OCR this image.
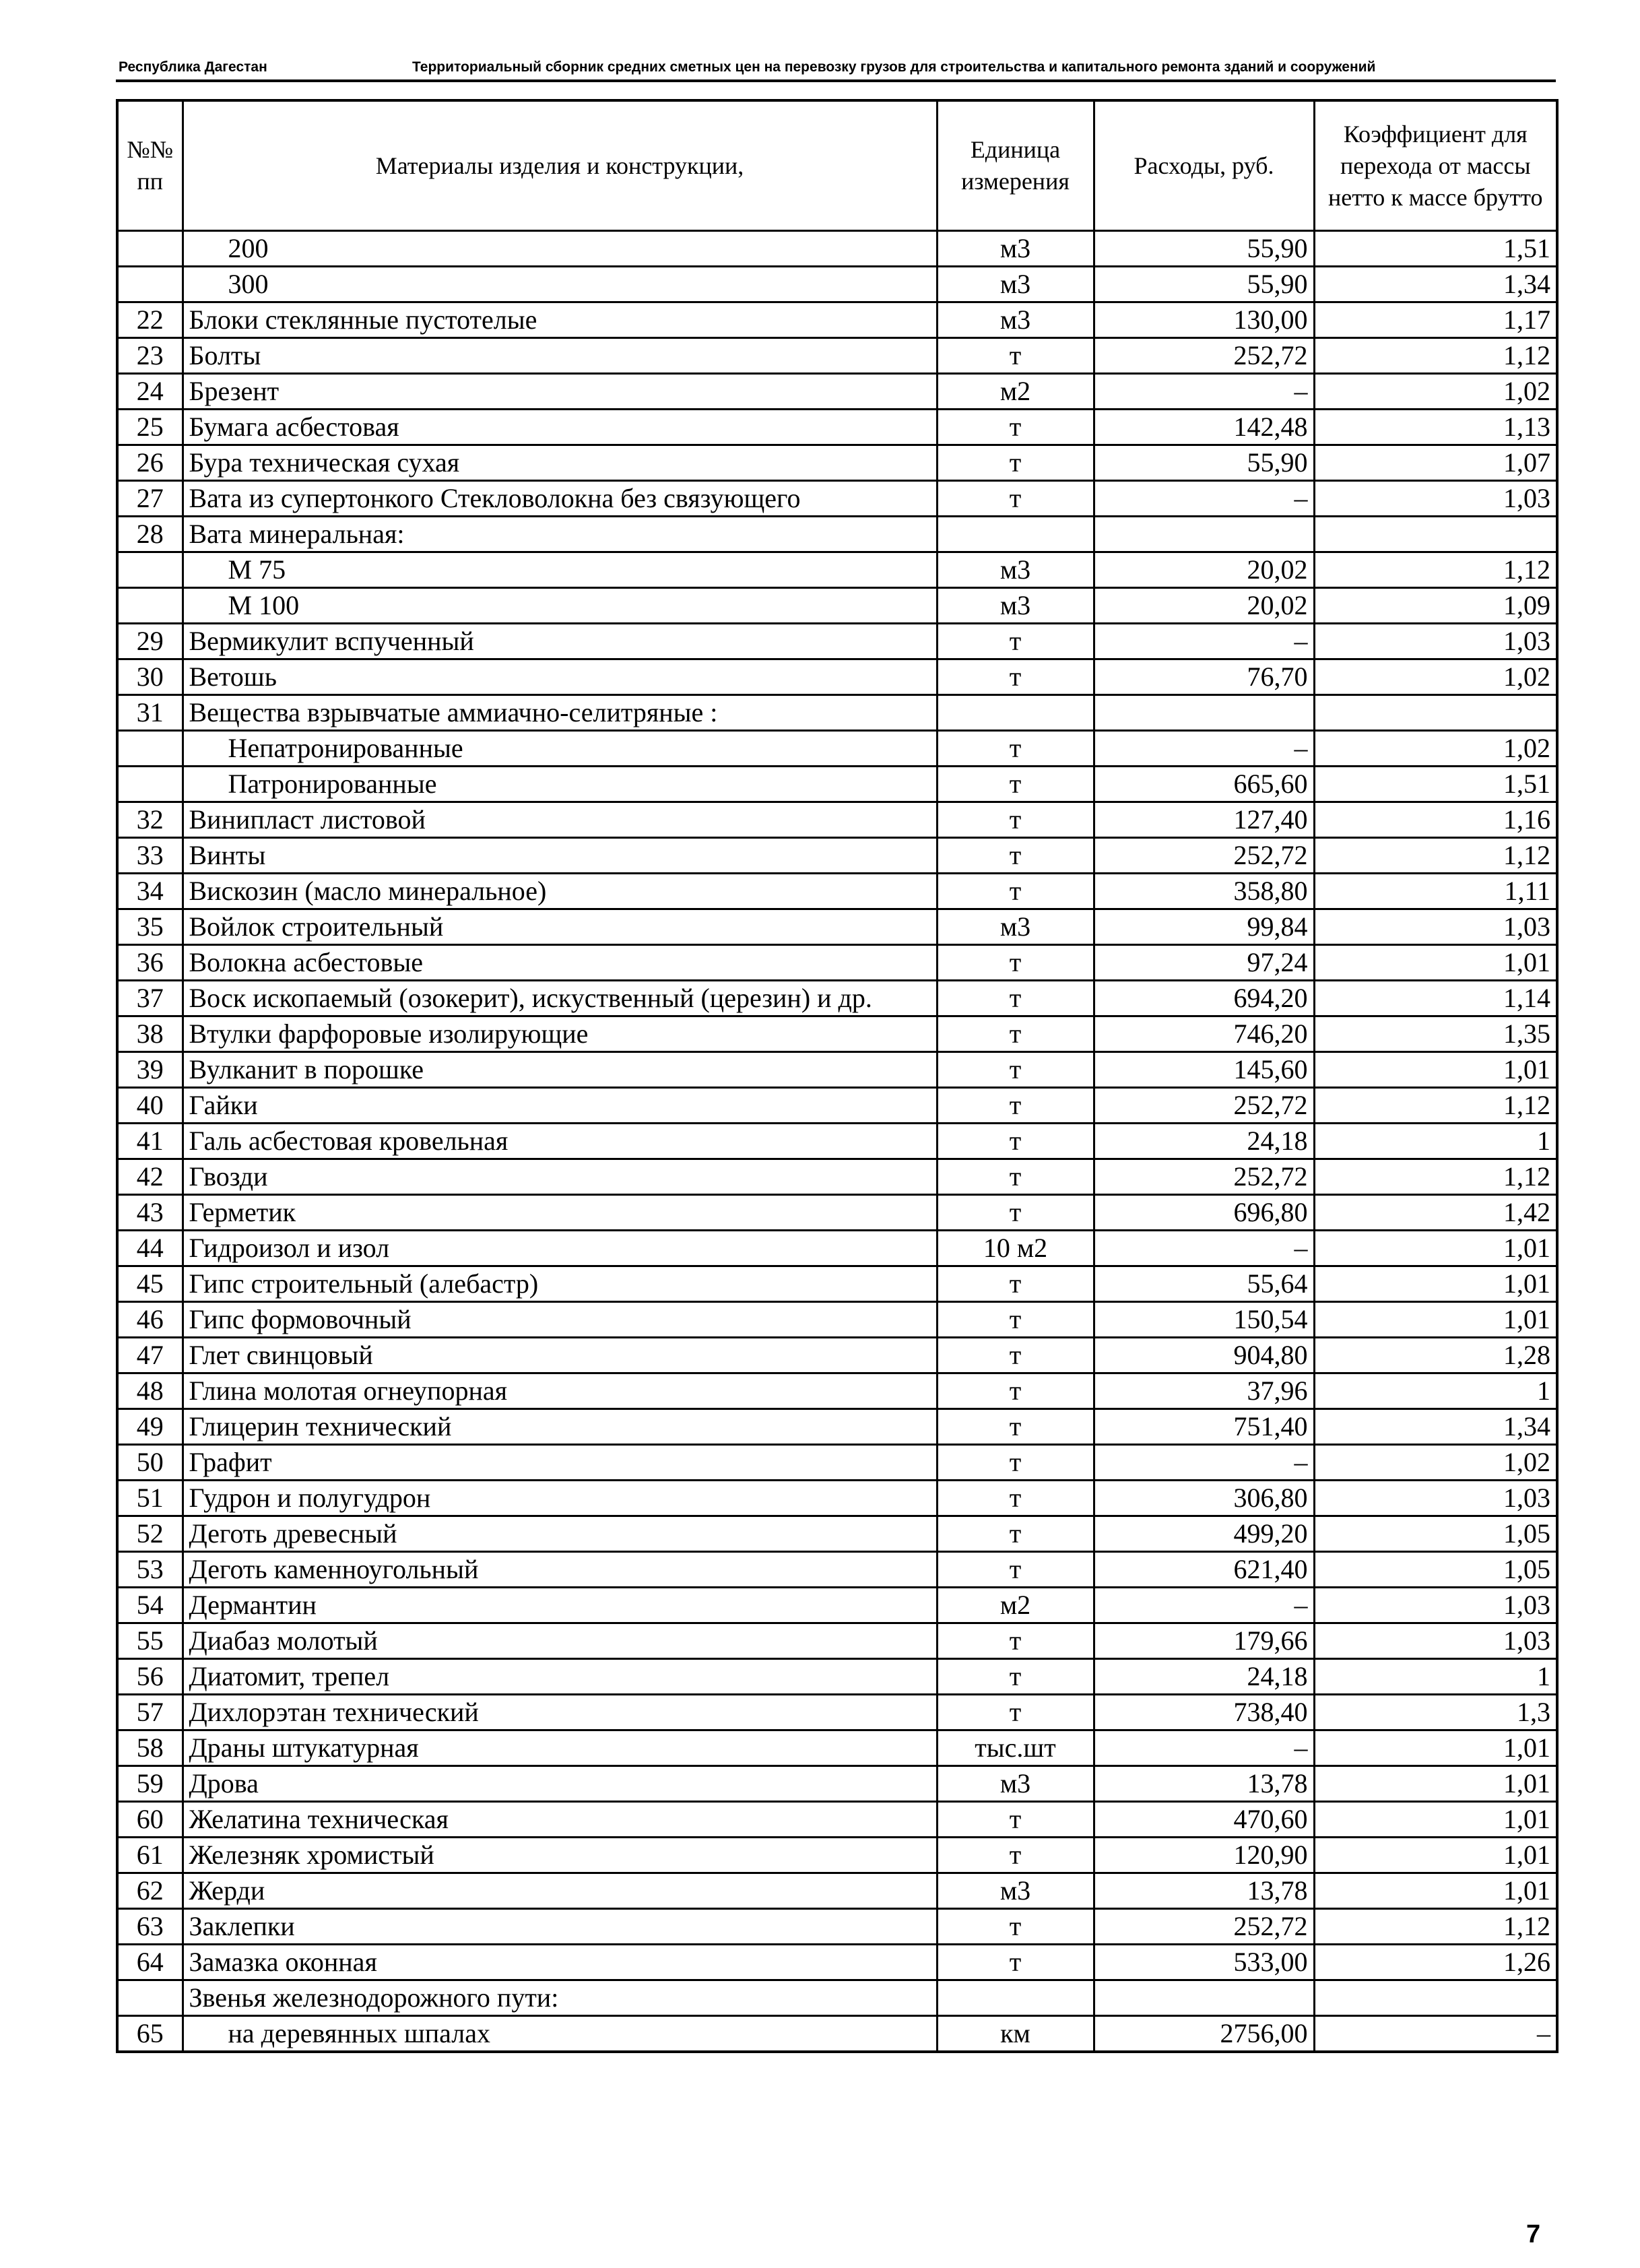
Республика Дагестан	Территориальный сборник средних сметных цен на перевозку грузов для строительства и капитального ремонта зданий и сооружений
№№ пп	Материалы изделия и конструкции,	Единица измерения	Расходы, руб.	Коэффициент для перехода от массы нетто к массе брутто
	200	м3	55,90	1,51
	300	м3	55,90	1,34
22	Блоки стеклянные пустотелые	м3	130,00	1,17
23	Болты	т	252,72	1,12
24	Брезент	м2	–	1,02
25	Бумага асбестовая	т	142,48	1,13
26	Бура техническая сухая	т	55,90	1,07
27	Вата из супертонкого Стекловолокна без связующего	т	–	1,03
28	Вата минеральная:			
	М 75	м3	20,02	1,12
	М 100	м3	20,02	1,09
29	Вермикулит вспученный	т	–	1,03
30	Ветошь	т	76,70	1,02
31	Вещества взрывчатые аммиачно-селитряные :			
	Непатронированные	т	–	1,02
	Патронированные	т	665,60	1,51
32	Винипласт листовой	т	127,40	1,16
33	Винты	т	252,72	1,12
34	Вискозин (масло минеральное)	т	358,80	1,11
35	Войлок строительный	м3	99,84	1,03
36	Волокна асбестовые	т	97,24	1,01
37	Воск ископаемый (озокерит), искуственный (церезин) и др.	т	694,20	1,14
38	Втулки фарфоровые изолирующие	т	746,20	1,35
39	Вулканит в порошке	т	145,60	1,01
40	Гайки	т	252,72	1,12
41	Галь асбестовая кровельная	т	24,18	1
42	Гвозди	т	252,72	1,12
43	Герметик	т	696,80	1,42
44	Гидроизол и изол	10 м2	–	1,01
45	Гипс строительный (алебастр)	т	55,64	1,01
46	Гипс формовочный	т	150,54	1,01
47	Глет свинцовый	т	904,80	1,28
48	Глина молотая огнеупорная	т	37,96	1
49	Глицерин технический	т	751,40	1,34
50	Графит	т	–	1,02
51	Гудрон и полугудрон	т	306,80	1,03
52	Деготь древесный	т	499,20	1,05
53	Деготь каменноугольный	т	621,40	1,05
54	Дермантин	м2	–	1,03
55	Диабаз молотый	т	179,66	1,03
56	Диатомит, трепел	т	24,18	1
57	Дихлорэтан технический	т	738,40	1,3
58	Драны штукатурная	тыс.шт	–	1,01
59	Дрова	м3	13,78	1,01
60	Желатина техническая	т	470,60	1,01
61	Железняк хромистый	т	120,90	1,01
62	Жерди	м3	13,78	1,01
63	Заклепки	т	252,72	1,12
64	Замазка оконная	т	533,00	1,26
	Звенья железнодорожного пути:			
65	на деревянных шпалах	км	2756,00	–
7
